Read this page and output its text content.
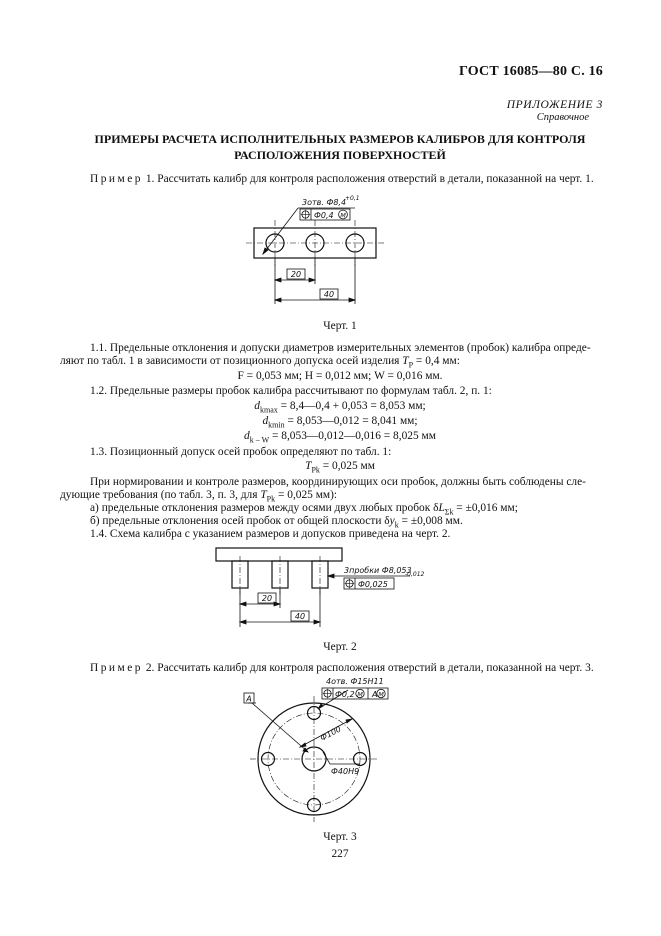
ГОСТ 16085—80 С. 16
ПРИЛОЖЕНИЕ 3
Справочное
ПРИМЕРЫ РАСЧЕТА ИСПОЛНИТЕЛЬНЫХ РАЗМЕРОВ КАЛИБРОВ ДЛЯ КОНТРОЛЯ
РАСПОЛОЖЕНИЯ ПОВЕРХНОСТЕЙ
Пример 1. Рассчитать калибр для контроля расположения отверстий в детали, показанной на черт. 1.
3отв. Ф8,4
+0,1
Ф0,4 M
20
40
Черт. 1
1.1. Предельные отклонения и допуски диаметров измерительных элементов (пробок) калибра опреде-
ляют по табл. 1 в зависимости от позиционного допуска осей изделия $T_P = 0,4$ мм:
F = 0,053 мм; H = 0,012 мм; W = 0,016 мм.
1.2. Предельные размеры пробок калибра рассчитывают по формулам табл. 2, п. 1:
$d_{kmax}$ = 8,4—0,4 + 0,053 = 8,053 мм;
$d_{kmin}$ = 8,053—0,012 = 8,041 мм;
$d_{k - W}$ = 8,053—0,012—0,016 = 8,025 мм
1.3. Позиционный допуск осей пробок определяют по табл. 1:
$T_{Pk} = 0,025$ мм
При нормировании и контроле размеров, координирующих оси пробок, должны быть соблюдены сле-
дующие требования (по табл. 3, п. 3, для $T_{Pk} = 0,025$ мм):
а) предельные отклонения размеров между осями двух любых пробок $\delta L_{\Sigma k} = \pm 0,016$ мм;
б) предельные отклонения осей пробок от общей плоскости $\delta y_k = \pm 0,008$ мм.
1.4. Схема калибра с указанием размеров и допусков приведена на черт. 2.
3пробки Ф8,053
-0,012
Ф0,025
20
40
Черт. 2
Пример 2. Рассчитать калибр для контроля расположения отверстий в детали, показанной на черт. 3.
A
4отв. Ф15H11
Ф0,2 M A M
Ф100
Ф40H9
Черт. 3
227
